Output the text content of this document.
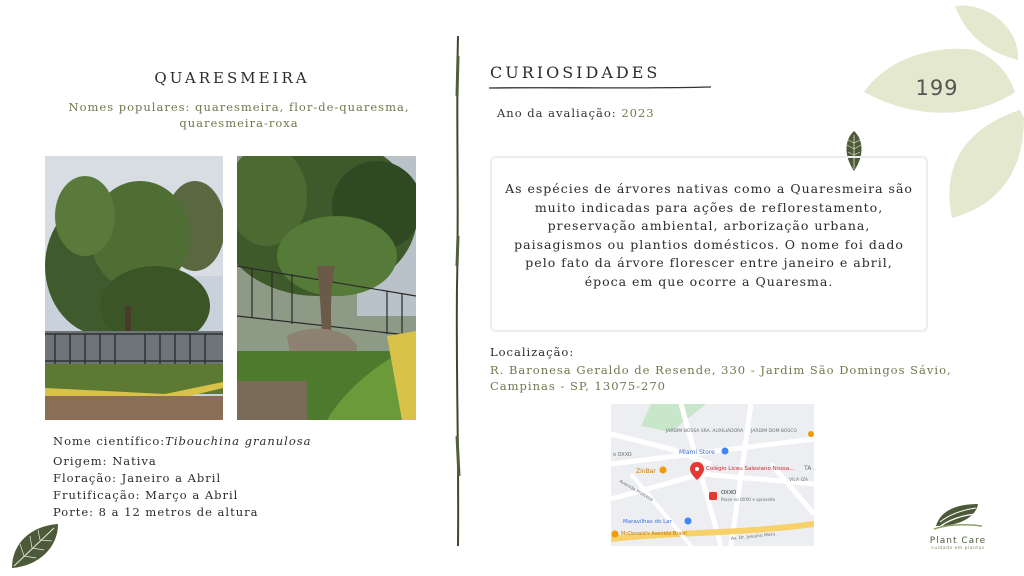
199
QUARESMEIRA
Nomes populares: quaresmeira, flor-de-quaresma, quaresmeira-roxa
Nome científico:Tibouchina granulosa
Origem: Nativa
Floração: Janeiro a Abril
Frutificação: Março a Abril
Porte: 8 a 12 metros de altura
CURIOSIDADES
Ano da avaliação: 2023
As espécies de árvores nativas como a Quaresmeira são muito indicadas para ações de reflorestamento, preservação ambiental, arborização urbana, paisagismos ou plantios domésticos. O nome foi dado pelo fato da árvore florescer entre janeiro e abril, época em que ocorre a Quaresma.
Localização:
R. Baronesa Geraldo de Resende, 330 - Jardim São Domingos Sávio, Campinas - SP, 13075-270
JARDIM NOSSA SRA. AUXILIADORA JARDIM DOM BOSCO
o OXXO	Miami Store
ZinBar	Colégio Liceu Salesiano Nossa... TA
VILA IZA
Avenida Princesa	OXXO
Passe no OXXO e aproveite
Maravilhas do Lar
McDonald's Avenida Brasil	Av. Dr. Jesuíno Maru	Plant Care
cuidado em plantas
